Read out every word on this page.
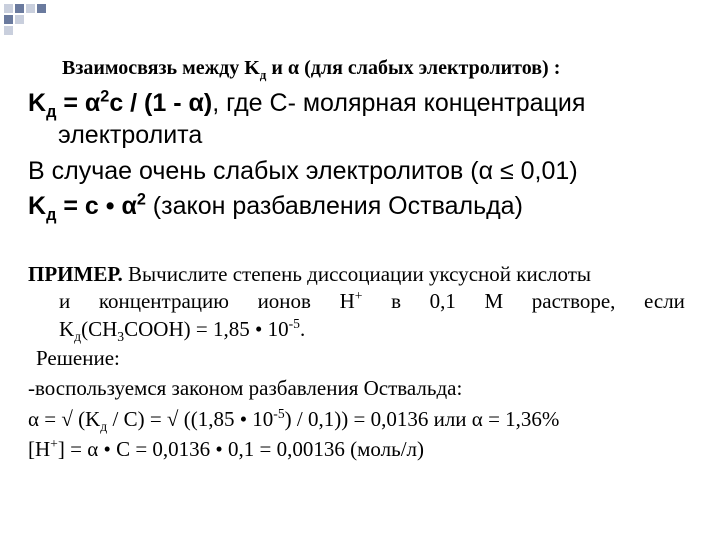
Взаимосвязь между $K_д$ и α (для слабых электролитов) :
$K_д = \alpha^2c / (1 - \alpha)$, где С- молярная концентрация
электролита
В случае очень слабых электролитов (α ≤ 0,01)
$K_д = c$ • $\alpha^2$ (закон разбавления Оствальда)
ПРИМЕР. Вычислите степень диссоциации уксусной кислоты
и концентрацию ионов H+ в 0,1 М растворе, если
$K_д(CH_3COOH) = 1,85$ • $10^{-5}$.
Решение:
-воспользуемся законом разбавления Оствальда:
α = √ $(K_д / C)$ = √ ((1,85 • $10^{-5}) / 0,1)) = 0,0136$ или α = 1,36%
[H+] = α • C = 0,0136 • 0,1 = 0,00136 (моль/л)
